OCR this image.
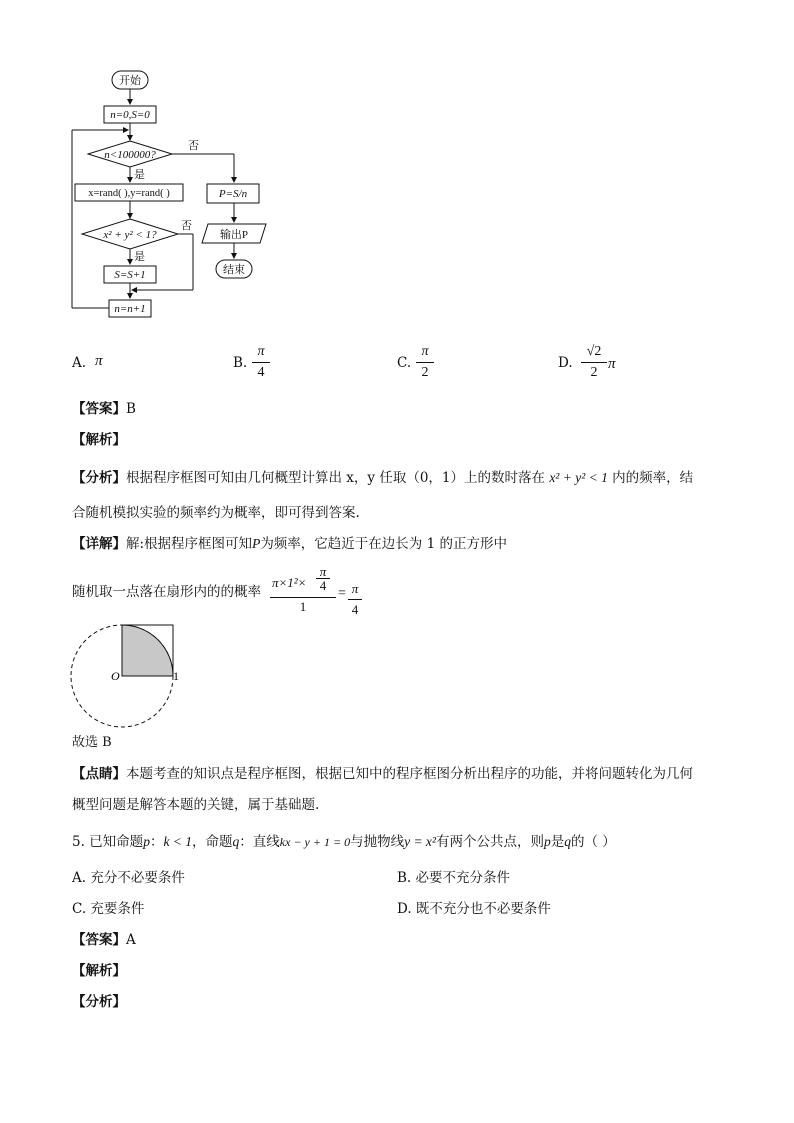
开始
n=0,S=0
n<100000?
否
是
x=rand( ),y=rand( )
x² + y² < 1?
否
是
S=S+1
n=n+1
P=S/n
输出P
结束
A. π	B.
π
4
C.
π
2
D.
√2
2
π
【答案】B
【解析】
【分析】根据程序框图可知由几何概型计算出 x，y 任取（0，1）上的数时落在 x² + y² < 1 内的频率，结
合随机模拟实验的频率约为概率，即可得到答案.
【详解】解:根据程序框图可知P为频率，它趋近于在边长为 1 的正方形中
随机取一点落在扇形内的的概率
π×1²×
π
4
1
= π
4
O	1
故选 B
【点睛】本题考查的知识点是程序框图，根据已知中的程序框图分析出程序的功能，并将问题转化为几何
概型问题是解答本题的关键，属于基础题.
5. 已知命题p：k < 1，命题q：直线kx − y + 1 = 0与抛物线y = x²有两个公共点，则p是q的（ ）
A. 充分不必要条件	B. 必要不充分条件
C. 充要条件	D. 既不充分也不必要条件
【答案】A
【解析】
【分析】
